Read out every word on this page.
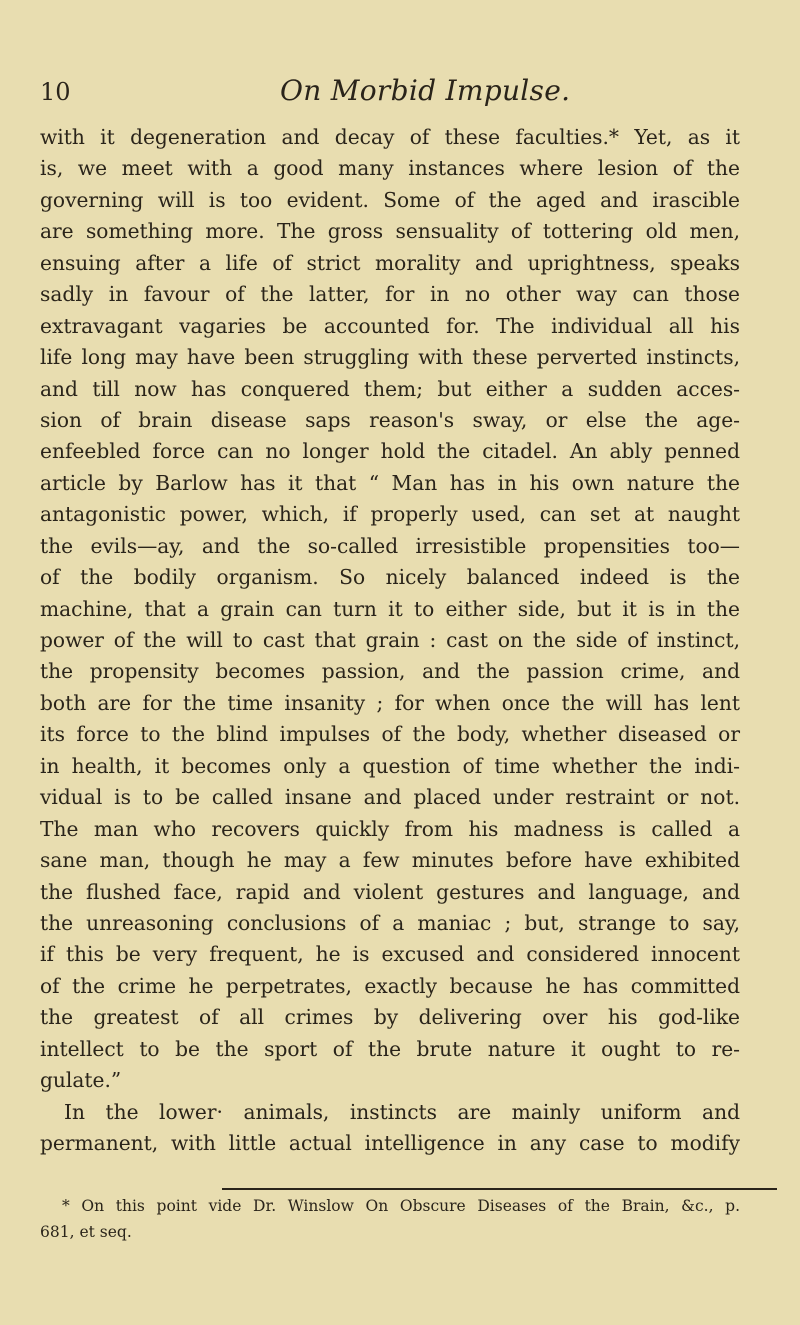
10	On Morbid Impulse.
with it degeneration and decay of these faculties.* Yet, as it
is, we meet with a good many instances where lesion of the
governing will is too evident. Some of the aged and irascible
are something more. The gross sensuality of tottering old men,
ensuing after a life of strict morality and uprightness, speaks
sadly in favour of the latter, for in no other way can those
extravagant vagaries be accounted for. The individual all his
life long may have been struggling with these perverted instincts,
and till now has conquered them; but either a sudden acces-
sion of brain disease saps reason's sway, or else the age-
enfeebled force can no longer hold the citadel. An ably penned
article by Barlow has it that “ Man has in his own nature the
antagonistic power, which, if properly used, can set at naught
the evils—ay, and the so-called irresistible propensities too—
of the bodily organism. So nicely balanced indeed is the
machine, that a grain can turn it to either side, but it is in the
power of the will to cast that grain : cast on the side of instinct,
the propensity becomes passion, and the passion crime, and
both are for the time insanity ; for when once the will has lent
its force to the blind impulses of the body, whether diseased or
in health, it becomes only a question of time whether the indi-
vidual is to be called insane and placed under restraint or not.
The man who recovers quickly from his madness is called a
sane man, though he may a few minutes before have exhibited
the flushed face, rapid and violent gestures and language, and
the unreasoning conclusions of a maniac ; but, strange to say,
if this be very frequent, he is excused and considered innocent
of the crime he perpetrates, exactly because he has committed
the greatest of all crimes by delivering over his god-like
intellect to be the sport of the brute nature it ought to re-
gulate.”
In the lower· animals, instincts are mainly uniform and
permanent, with little actual intelligence in any case to modify
* On this point vide Dr. Winslow On Obscure Diseases of the Brain, &c., p.
681, et seq.
